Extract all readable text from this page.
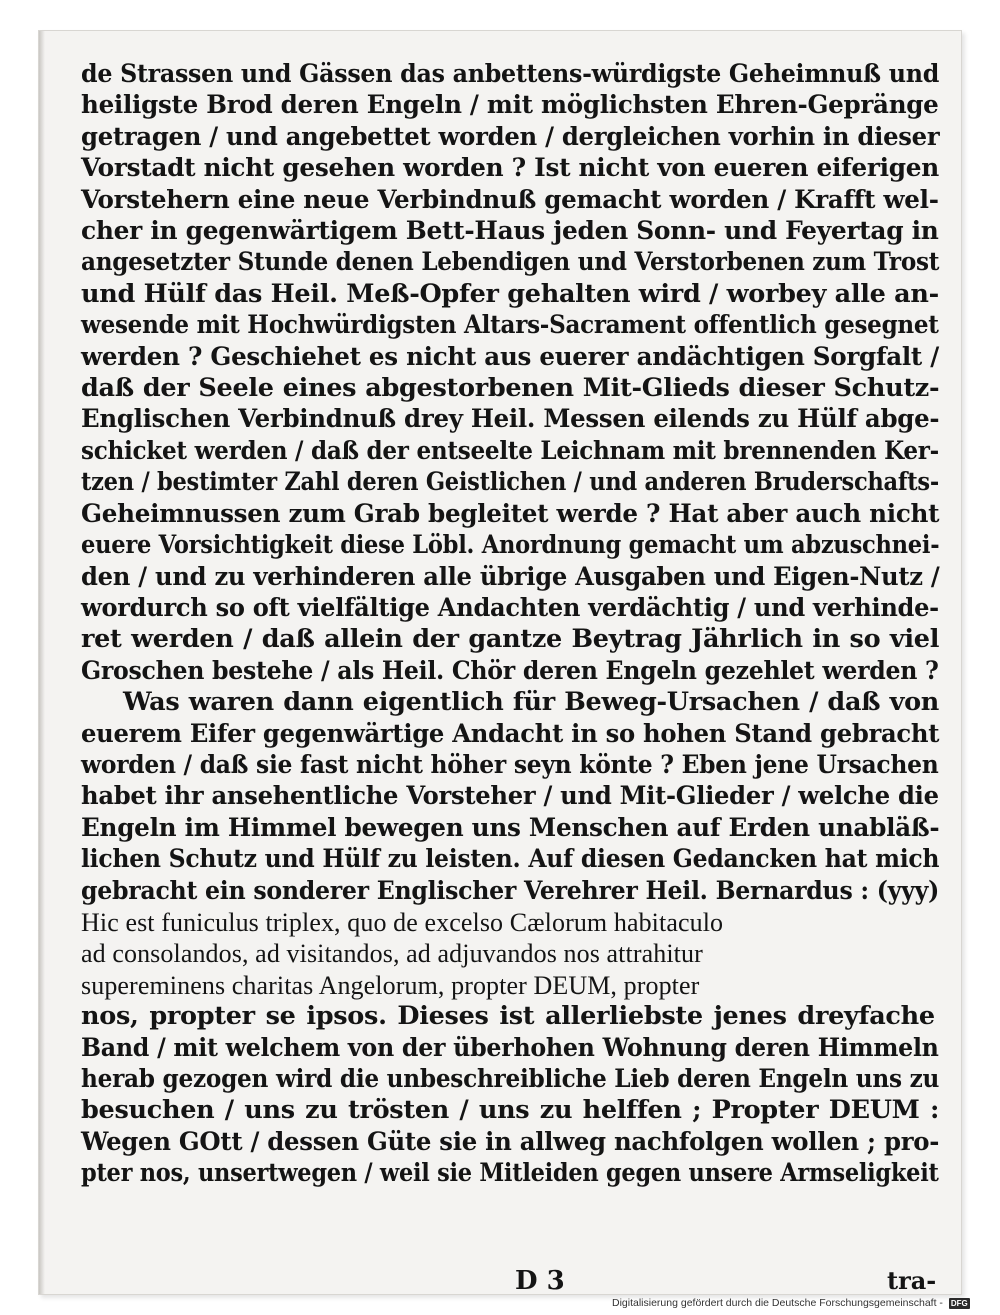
de Strassen und Gässen das anbettens-würdigste Geheimnuß und
heiligste Brod deren Engeln / mit möglichsten Ehren-Gepränge
getragen / und angebettet worden / dergleichen vorhin in dieser
Vorstadt nicht gesehen worden ? Ist nicht von eueren eiferigen
Vorstehern eine neue Verbindnuß gemacht worden / Krafft wel-
cher in gegenwärtigem Bett-Haus jeden Sonn- und Feyertag in
angesetzter Stunde denen Lebendigen und Verstorbenen zum Trost
und Hülf das Heil. Meß-Opfer gehalten wird / worbey alle an-
wesende mit Hochwürdigsten Altars-Sacrament offentlich gesegnet
werden ? Geschiehet es nicht aus euerer andächtigen Sorgfalt /
daß der Seele eines abgestorbenen Mit-Glieds dieser Schutz-
Englischen Verbindnuß drey Heil. Messen eilends zu Hülf abge-
schicket werden / daß der entseelte Leichnam mit brennenden Ker-
tzen / bestimter Zahl deren Geistlichen / und anderen Bruderschafts-
Geheimnussen zum Grab begleitet werde ? Hat aber auch nicht
euere Vorsichtigkeit diese Löbl. Anordnung gemacht um abzuschnei-
den / und zu verhinderen alle übrige Ausgaben und Eigen-Nutz /
wordurch so oft vielfältige Andachten verdächtig / und verhinde-
ret werden / daß allein der gantze Beytrag Jährlich in so viel
Groschen bestehe / als Heil. Chör deren Engeln gezehlet werden ?
Was waren dann eigentlich für Beweg-Ursachen / daß von
euerem Eifer gegenwärtige Andacht in so hohen Stand gebracht
worden / daß sie fast nicht höher seyn könte ? Eben jene Ursachen
habet ihr ansehentliche Vorsteher / und Mit-Glieder / welche die
Engeln im Himmel bewegen uns Menschen auf Erden unabläß-
lichen Schutz und Hülf zu leisten. Auf diesen Gedancken hat mich
gebracht ein sonderer Englischer Verehrer Heil. Bernardus : (yyy)
Hic est funiculus triplex, quo de excelso Cælorum habitaculo
ad consolandos, ad visitandos, ad adjuvandos nos attrahitur
supereminens charitas Angelorum, propter DEUM, propter
nos, propter se ipsos. Dieses ist allerliebste jenes dreyfache
Band / mit welchem von der überhohen Wohnung deren Himmeln
herab gezogen wird die unbeschreibliche Lieb deren Engeln uns zu
besuchen / uns zu trösten / uns zu helffen ; Propter DEUM :
Wegen GOtt / dessen Güte sie in allweg nachfolgen wollen ; pro-
pter nos, unsertwegen / weil sie Mitleiden gegen unsere Armseligkeit
D 3	tra-
Digitalisierung gefördert durch die Deutsche Forschungsgemeinschaft - DFG
